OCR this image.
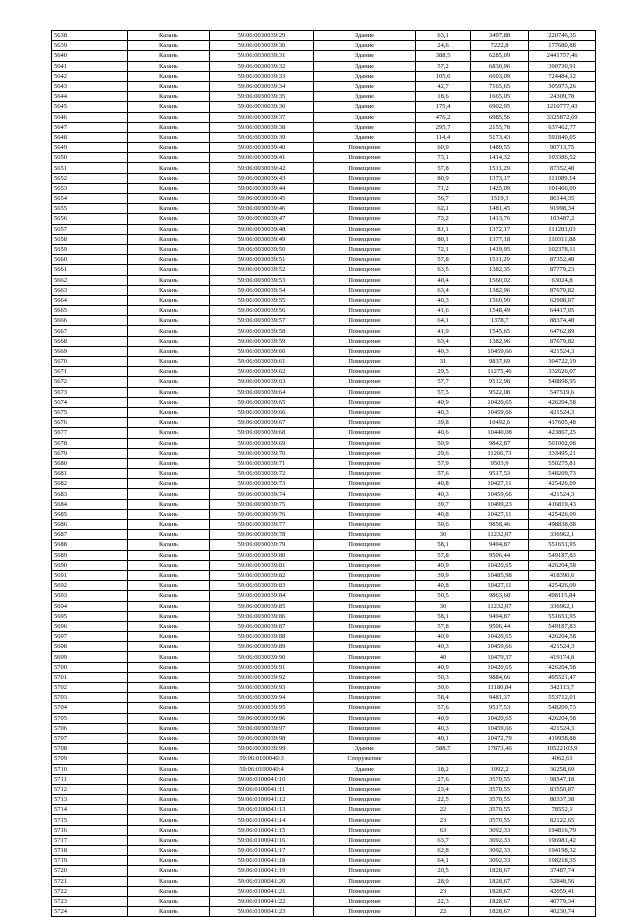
5638	Казань	59:06:0030039:29	Здание	63,1	3497,88	220746,35
5639	Казань	59:06:0030039:30	Здание	24,6	7222,8	177680,88
5640	Казань	59:06:0030039:31	Здание	388,5	6285,09	2441757,46
5641	Казань	59:06:0030039:32	Здание	57,2	6830,96	390730,91
5642	Казань	59:06:0030039:33	Здание	105,6	6693,09	724484,12
5643	Казань	59:06:0030039:34	Здание	42,7	7165,65	305973,26
5644	Казань	59:06:0030039:35	Здание	18,6	1665,05	24309,78
5645	Казань	59:06:0030039:36	Здание	175,4	6902,95	1210777,43
5646	Казань	59:06:0030039:37	Здание	476,2	6985,56	3325872,69
5647	Казань	59:06:0030039:38	Здание	295,7	2155,78	637462,77
5648	Казань	59:06:0030039:39	Здание	114,4	5173,43	591840,05
5649	Казань	59:06:0030039:40	Помещение	60,9	1489,55	90713,75
5650	Казань	59:06:0030039:41	Помещение	73,1	1414,32	103386,52
5651	Казань	59:06:0030039:42	Помещение	57,8	1511,29	87352,48
5652	Казань	59:06:0030039:43	Помещение	80,9	1373,17	111089,14
5653	Казань	59:06:0030039:44	Помещение	71,2	1425,09	101466,09
5654	Казань	59:06:0030039:45	Помещение	56,7	1519,3	86144,35
5655	Казань	59:06:0030039:46	Помещение	62,1	1481,45	91998,34
5656	Казань	59:06:0030039:47	Помещение	73,2	1413,76	103487,2
5657	Казань	59:06:0030039:48	Помещение	81,1	1372,17	111283,03
5658	Казань	59:06:0030039:49	Помещение	80,1	1377,18	110311,88
5659	Казань	59:06:0030039:50	Помещение	72,1	1419,95	102378,11
5660	Казань	59:06:0030039:51	Помещение	57,8	1511,29	87352,48
5661	Казань	59:06:0030039:52	Помещение	63,5	1382,35	87779,23
5662	Казань	59:06:0030039:53	Помещение	40,4	1560,02	63024,8
5663	Казань	59:06:0030039:54	Помещение	63,4	1382,96	87679,82
5664	Казань	59:06:0030039:55	Помещение	40,3	1560,99	62908,07
5665	Казань	59:06:0030039:56	Помещение	41,6	1548,49	64417,05
5666	Казань	59:06:0030039:57	Помещение	64,1	1378,7	88374,48
5667	Казань	59:06:0030039:58	Помещение	41,9	1545,65	64762,89
5668	Казань	59:06:0030039:59	Помещение	63,4	1382,96	87679,82
5669	Казань	59:06:0030039:60	Помещение	40,3	10459,66	421524,3
5670	Казань	59:06:0030039:61	Помещение	31	9837,69	304722,19
5671	Казань	59:06:0030039:62	Помещение	29,5	11275,46	332626,07
5672	Казань	59:06:0030039:63	Помещение	57,7	9512,98	548898,95
5673	Казань	59:06:0030039:64	Помещение	57,5	9522,08	547519,6
5674	Казань	59:06:0030039:65	Помещение	40,9	10420,65	426204,58
5675	Казань	59:06:0030039:66	Помещение	40,3	10459,66	421524,3
5676	Казань	59:06:0030039:67	Помещение	39,8	10492,6	417605,48
5677	Казань	59:06:0030039:68	Помещение	40,6	10440,08	423867,25
5678	Казань	59:06:0030039:69	Помещение	50,9	9842,87	501002,08
5679	Казань	59:06:0030039:70	Помещение	29,6	11266,73	333495,21
5680	Казань	59:06:0030039:71	Помещение	57,9	9503,9	550275,81
5681	Казань	59:06:0030039:72	Помещение	57,6	9517,53	548209,73
5682	Казань	59:06:0030039:73	Помещение	40,8	10427,11	425426,09
5683	Казань	59:06:0030039:74	Помещение	40,3	10459,66	421524,3
5684	Казань	59:06:0030039:75	Помещение	39,7	10499,23	416819,43
5685	Казань	59:06:0030039:76	Помещение	40,8	10427,11	425426,09
5686	Казань	59:06:0030039:77	Помещение	50,6	9858,46	498838,08
5687	Казань	59:06:0030039:78	Помещение	30	11232,07	336962,1
5688	Казань	59:06:0030039:79	Помещение	58,1	9494,87	551651,95
5689	Казань	59:06:0030039:80	Помещение	57,8	9506,44	549187,83
5690	Казань	59:06:0030039:81	Помещение	40,9	10420,65	426204,58
5691	Казань	59:06:0030039:82	Помещение	39,9	10485,98	418390,6
5692	Казань	59:06:0030039:83	Помещение	40,8	10427,11	425426,09
5693	Казань	59:06:0030039:84	Помещение	50,5	9863,68	498115,84
5694	Казань	59:06:0030039:85	Помещение	30	11232,07	336962,1
5695	Казань	59:06:0030039:86	Помещение	58,1	9494,87	551651,95
5696	Казань	59:06:0030039:87	Помещение	57,8	9506,44	549187,83
5697	Казань	59:06:0030039:88	Помещение	40,9	10420,65	426204,58
5698	Казань	59:06:0030039:89	Помещение	40,3	10459,66	421524,3
5699	Казань	59:06:0030039:90	Помещение	40	10479,37	419174,8
5700	Казань	59:06:0030039:91	Помещение	40,9	10420,65	426204,58
5701	Казань	59:06:0030039:92	Помещение	50,3	9884,66	495521,47
5702	Казань	59:06:0030039:93	Помещение	30,6	11180,84	342113,7
5703	Казань	59:06:0030039:94	Помещение	58,4	9481,37	553712,01
5704	Казань	59:06:0030039:95	Помещение	57,6	9517,53	548209,73
5705	Казань	59:06:0030039:96	Помещение	40,9	10420,65	426204,58
5706	Казань	59:06:0030039:97	Помещение	40,3	10459,66	421524,3
5707	Казань	59:06:0030039:98	Помещение	40,1	10472,79	419958,88
5708	Казань	59:06:0030039:99	Здание	588,7	17873,46	10522103,9
5709	Казань	59:06:0100040:3	Сооружение			4062,61
5710	Казань	59:06:0100040:4	Здание	18,2	1992,2	36258,69
5711	Казань	59:06:0100041:10	Помещение	27,6	3570,55	98547,18
5712	Казань	59:06:0100041:11	Помещение	23,4	3570,55	83550,87
5713	Казань	59:06:0100041:12	Помещение	22,5	3570,55	80337,38
5714	Казань	59:06:0100041:13	Помещение	22	3570,55	78552,1
5715	Казань	59:06:0100041:14	Помещение	23	3570,55	82122,65
5716	Казань	59:06:0100041:15	Помещение	63	3092,33	194816,79
5717	Казань	59:06:0100041:16	Помещение	63,7	3092,33	196981,42
5718	Казань	59:06:0100041:17	Помещение	62,8	3092,33	194198,32
5719	Казань	59:06:0100041:18	Помещение	64,1	3092,33	198218,35
5720	Казань	59:06:0100041:19	Помещение	20,5	1828,67	37487,74
5721	Казань	59:06:0100041:20	Помещение	28,9	1828,67	52848,56
5722	Казань	59:06:0100041:21	Помещение	23	1828,67	42059,41
5723	Казань	59:06:0100041:22	Помещение	22,3	1828,67	40779,34
5724	Казань	59:06:0100041:23	Помещение	22	1828,67	40230,74
